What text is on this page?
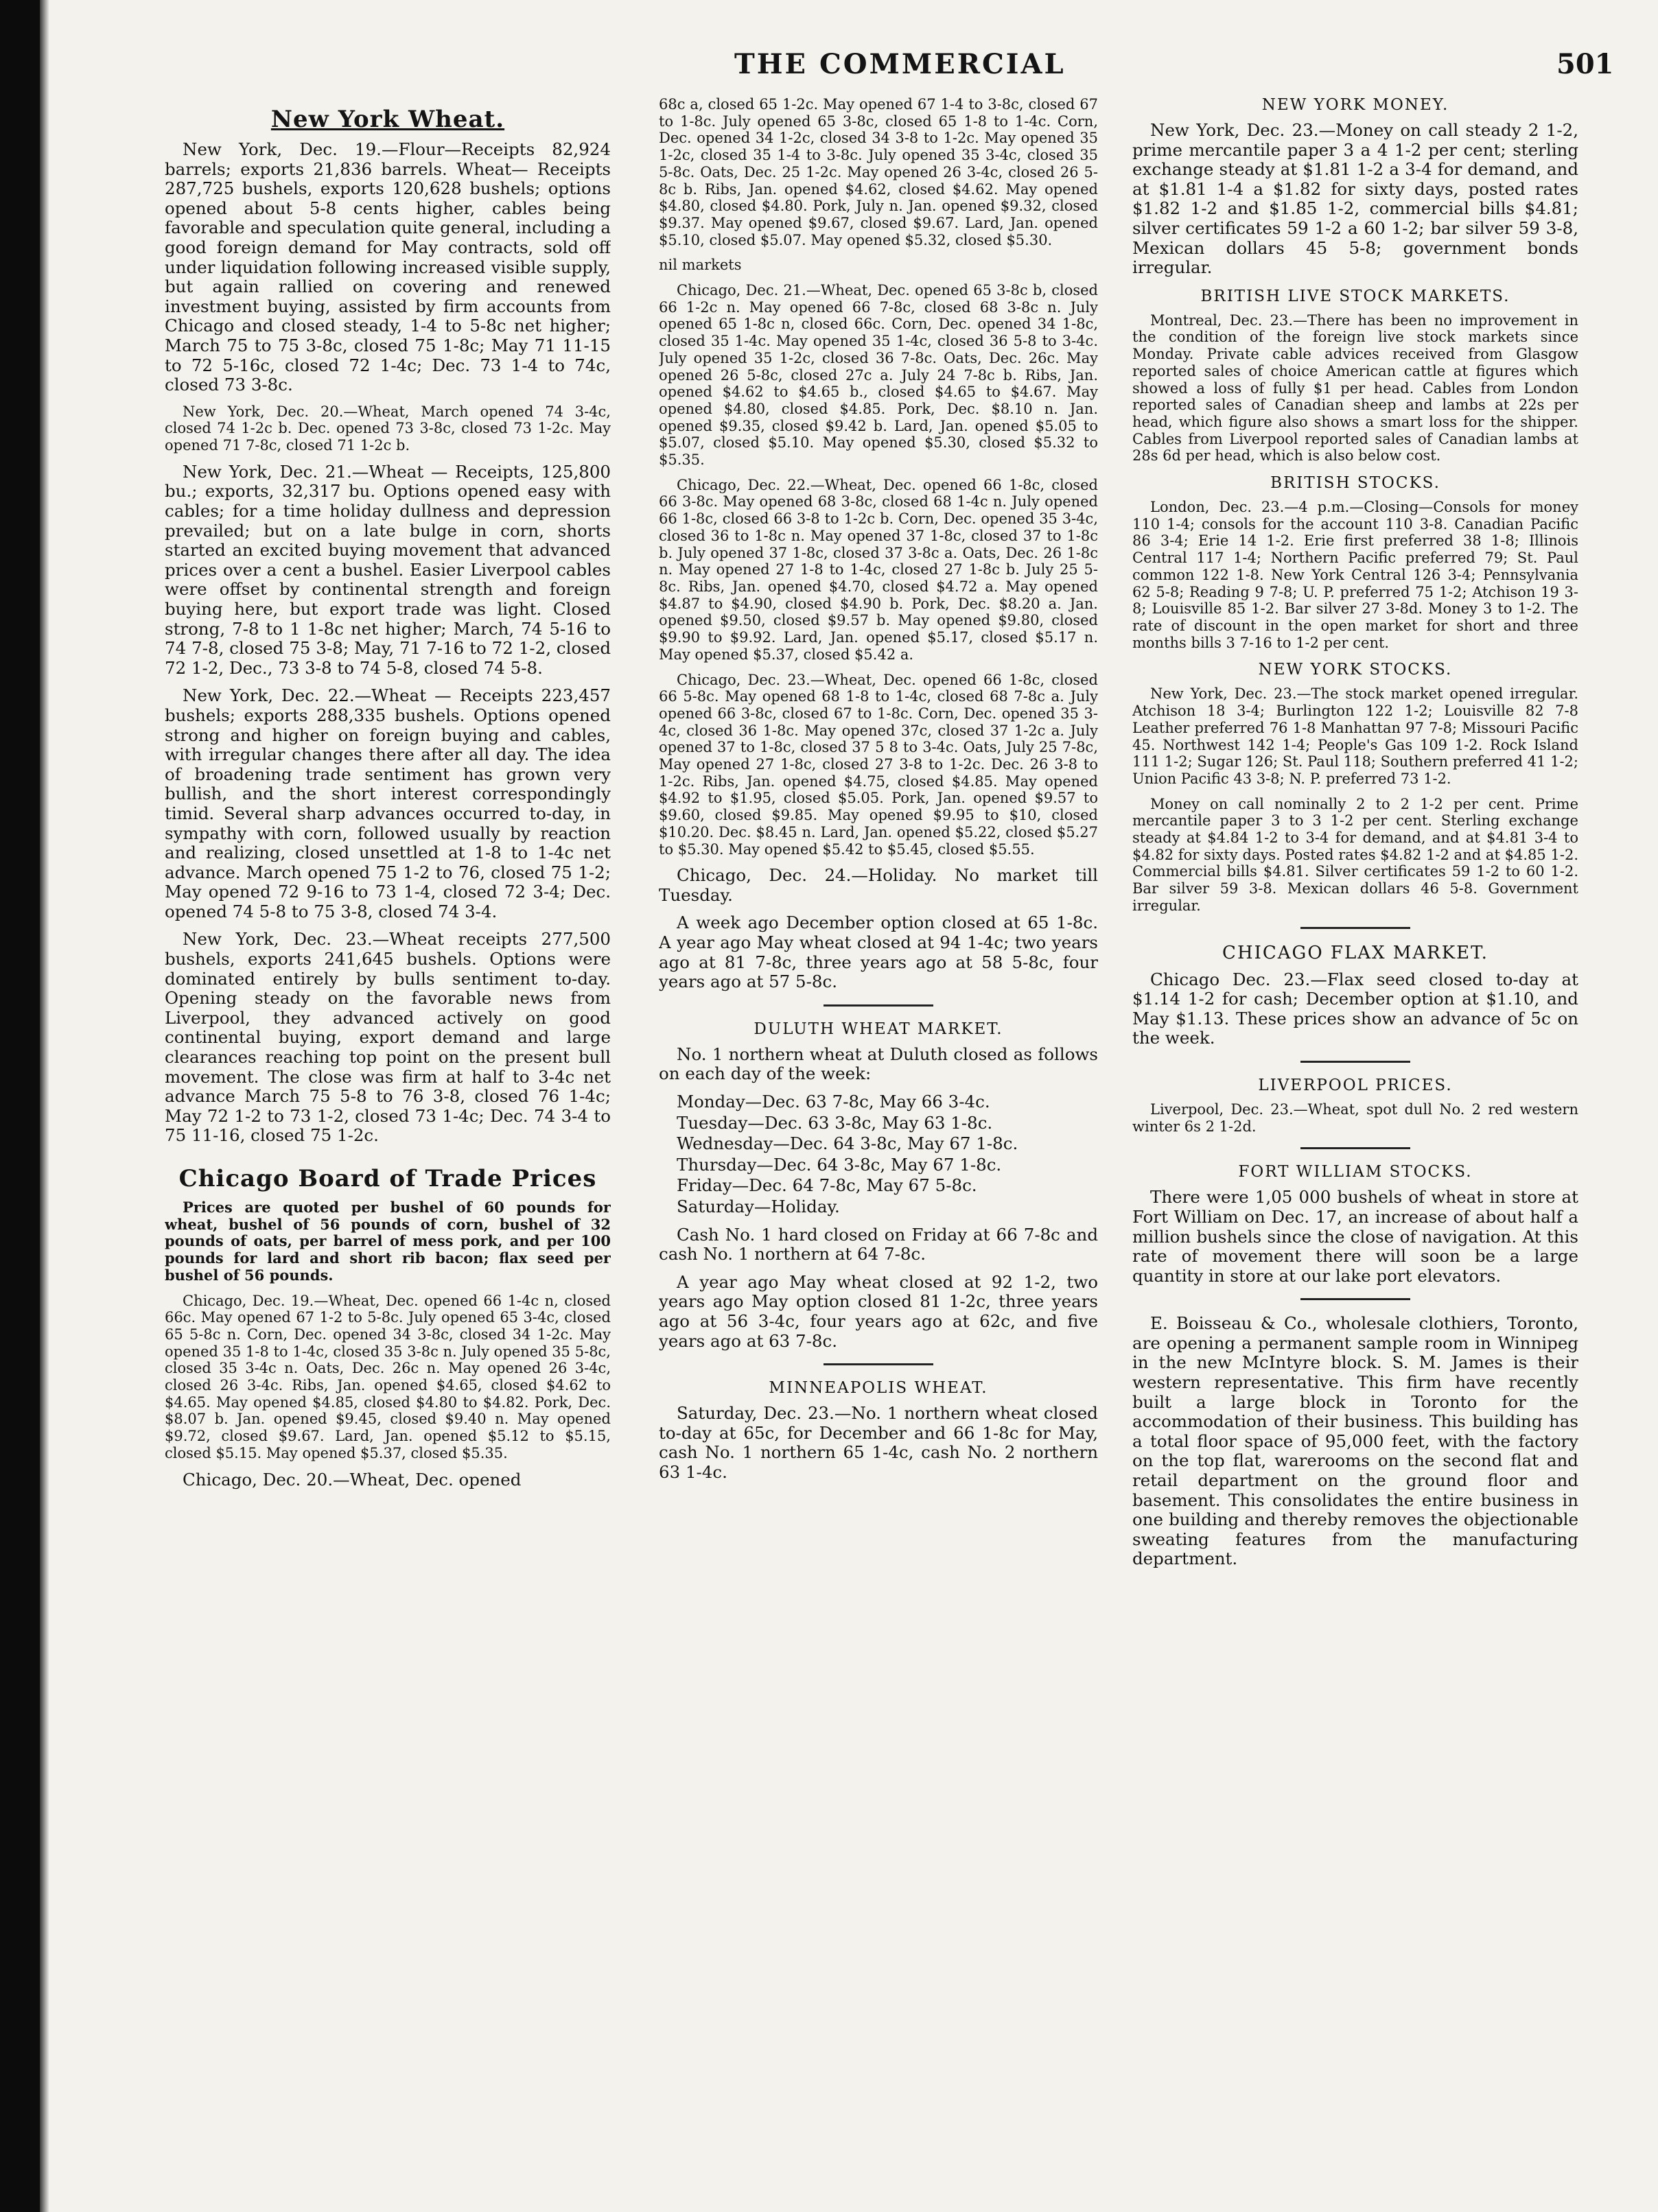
THE COMMERCIAL	501
New York Wheat.

New York, Dec. 19.—Flour—Receipts 82,924 barrels; exports 21,836 barrels. Wheat— Receipts 287,725 bushels, exports 120,628 bushels; options opened about 5-8 cents higher, cables being favorable and speculation quite general, including a good foreign demand for May contracts, sold off under liquidation following increased visible supply, but again rallied on covering and renewed investment buying, assisted by firm accounts from Chicago and closed steady, 1-4 to 5-8c net higher; March 75 to 75 3-8c, closed 75 1-8c; May 71 11-15 to 72 5-16c, closed 72 1-4c; Dec. 73 1-4 to 74c, closed 73 3-8c.

New York, Dec. 20.—Wheat, March opened 74 3-4c, closed 74 1-2c b. Dec. opened 73 3-8c, closed 73 1-2c. May opened 71 7-8c, closed 71 1-2c b.

New York, Dec. 21.—Wheat — Receipts, 125,800 bu.; exports, 32,317 bu. Options opened easy with cables; for a time holiday dullness and depression prevailed; but on a late bulge in corn, shorts started an excited buying movement that advanced prices over a cent a bushel. Easier Liverpool cables were offset by continental strength and foreign buying here, but export trade was light. Closed strong, 7-8 to 1 1-8c net higher; March, 74 5-16 to 74 7-8, closed 75 3-8; May, 71 7-16 to 72 1-2, closed 72 1-2, Dec., 73 3-8 to 74 5-8, closed 74 5-8.

New York, Dec. 22.—Wheat — Receipts 223,457 bushels; exports 288,335 bushels. Options opened strong and higher on foreign buying and cables, with irregular changes there after all day. The idea of broadening trade sentiment has grown very bullish, and the short interest correspondingly timid. Several sharp advances occurred to-day, in sympathy with corn, followed usually by reaction and realizing, closed unsettled at 1-8 to 1-4c net advance. March opened 75 1-2 to 76, closed 75 1-2; May opened 72 9-16 to 73 1-4, closed 72 3-4; Dec. opened 74 5-8 to 75 3-8, closed 74 3-4.

New York, Dec. 23.—Wheat receipts 277,500 bushels, exports 241,645 bushels. Options were dominated entirely by bulls sentiment to-day. Opening steady on the favorable news from Liverpool, they advanced actively on good continental buying, export demand and large clearances reaching top point on the present bull movement. The close was firm at half to 3-4c net advance March 75 5-8 to 76 3-8, closed 76 1-4c; May 72 1-2 to 73 1-2, closed 73 1-4c; Dec. 74 3-4 to 75 11-16, closed 75 1-2c.

Chicago Board of Trade Prices

Prices are quoted per bushel of 60 pounds for wheat, bushel of 56 pounds of corn, bushel of 32 pounds of oats, per barrel of mess pork, and per 100 pounds for lard and short rib bacon; flax seed per bushel of 56 pounds.

Chicago, Dec. 19.—Wheat, Dec. opened 66 1-4c n, closed 66c. May opened 67 1-2 to 5-8c. July opened 65 3-4c, closed 65 5-8c n. Corn, Dec. opened 34 3-8c, closed 34 1-2c. May opened 35 1-8 to 1-4c, closed 35 3-8c n. July opened 35 5-8c, closed 35 3-4c n. Oats, Dec. 26c n. May opened 26 3-4c, closed 26 3-4c. Ribs, Jan. opened $4.65, closed $4.62 to $4.65. May opened $4.85, closed $4.80 to $4.82. Pork, Dec. $8.07 b. Jan. opened $9.45, closed $9.40 n. May opened $9.72, closed $9.67. Lard, Jan. opened $5.12 to $5.15, closed $5.15. May opened $5.37, closed $5.35.

Chicago, Dec. 20.—Wheat, Dec. opened

68c a, closed 65 1-2c. May opened 67 1-4 to 3-8c, closed 67 to 1-8c. July opened 65 3-8c, closed 65 1-8 to 1-4c. Corn, Dec. opened 34 1-2c, closed 34 3-8 to 1-2c. May opened 35 1-2c, closed 35 1-4 to 3-8c. July opened 35 3-4c, closed 35 5-8c. Oats, Dec. 25 1-2c. May opened 26 3-4c, closed 26 5-8c b. Ribs, Jan. opened $4.62, closed $4.62. May opened $4.80, closed $4.80. Pork, July n. Jan. opened $9.32, closed $9.37. May opened $9.67, closed $9.67. Lard, Jan. opened $5.10, closed $5.07. May opened $5.32, closed $5.30.

nil markets

Chicago, Dec. 21.—Wheat, Dec. opened 65 3-8c b, closed 66 1-2c n. May opened 66 7-8c, closed 68 3-8c n. July opened 65 1-8c n, closed 66c. Corn, Dec. opened 34 1-8c, closed 35 1-4c. May opened 35 1-4c, closed 36 5-8 to 3-4c. July opened 35 1-2c, closed 36 7-8c. Oats, Dec. 26c. May opened 26 5-8c, closed 27c a. July 24 7-8c b. Ribs, Jan. opened $4.62 to $4.65 b., closed $4.65 to $4.67. May opened $4.80, closed $4.85. Pork, Dec. $8.10 n. Jan. opened $9.35, closed $9.42 b. Lard, Jan. opened $5.05 to $5.07, closed $5.10. May opened $5.30, closed $5.32 to $5.35.

Chicago, Dec. 22.—Wheat, Dec. opened 66 1-8c, closed 66 3-8c. May opened 68 3-8c, closed 68 1-4c n. July opened 66 1-8c, closed 66 3-8 to 1-2c b. Corn, Dec. opened 35 3-4c, closed 36 to 1-8c n. May opened 37 1-8c, closed 37 to 1-8c b. July opened 37 1-8c, closed 37 3-8c a. Oats, Dec. 26 1-8c n. May opened 27 1-8 to 1-4c, closed 27 1-8c b. July 25 5-8c. Ribs, Jan. opened $4.70, closed $4.72 a. May opened $4.87 to $4.90, closed $4.90 b. Pork, Dec. $8.20 a. Jan. opened $9.50, closed $9.57 b. May opened $9.80, closed $9.90 to $9.92. Lard, Jan. opened $5.17, closed $5.17 n. May opened $5.37, closed $5.42 a.

Chicago, Dec. 23.—Wheat, Dec. opened 66 1-8c, closed 66 5-8c. May opened 68 1-8 to 1-4c, closed 68 7-8c a. July opened 66 3-8c, closed 67 to 1-8c. Corn, Dec. opened 35 3-4c, closed 36 1-8c. May opened 37c, closed 37 1-2c a. July opened 37 to 1-8c, closed 37 5 8 to 3-4c. Oats, July 25 7-8c, May opened 27 1-8c, closed 27 3-8 to 1-2c. Dec. 26 3-8 to 1-2c. Ribs, Jan. opened $4.75, closed $4.85. May opened $4.92 to $1.95, closed $5.05. Pork, Jan. opened $9.57 to $9.60, closed $9.85. May opened $9.95 to $10, closed $10.20. Dec. $8.45 n. Lard, Jan. opened $5.22, closed $5.27 to $5.30. May opened $5.42 to $5.45, closed $5.55.

Chicago, Dec. 24.—Holiday. No market till Tuesday.

A week ago December option closed at 65 1-8c. A year ago May wheat closed at 94 1-4c; two years ago at 81 7-8c, three years ago at 58 5-8c, four years ago at 57 5-8c.

DULUTH WHEAT MARKET.

No. 1 northern wheat at Duluth closed as follows on each day of the week:

Monday—Dec. 63 7-8c, May 66 3-4c.

Tuesday—Dec. 63 3-8c, May 63 1-8c.

Wednesday—Dec. 64 3-8c, May 67 1-8c.

Thursday—Dec. 64 3-8c, May 67 1-8c.

Friday—Dec. 64 7-8c, May 67 5-8c.

Saturday—Holiday.

Cash No. 1 hard closed on Friday at 66 7-8c and cash No. 1 northern at 64 7-8c.

A year ago May wheat closed at 92 1-2, two years ago May option closed 81 1-2c, three years ago at 56 3-4c, four years ago at 62c, and five years ago at 63 7-8c.

MINNEAPOLIS WHEAT.

Saturday, Dec. 23.—No. 1 northern wheat closed to-day at 65c, for December and 66 1-8c for May, cash No. 1 northern 65 1-4c, cash No. 2 northern 63 1-4c.

NEW YORK MONEY.

New York, Dec. 23.—Money on call steady 2 1-2, prime mercantile paper 3 a 4 1-2 per cent; sterling exchange steady at $1.81 1-2 a 3-4 for demand, and at $1.81 1-4 a $1.82 for sixty days, posted rates $1.82 1-2 and $1.85 1-2, commercial bills $4.81; silver certificates 59 1-2 a 60 1-2; bar silver 59 3-8, Mexican dollars 45 5-8; government bonds irregular.

BRITISH LIVE STOCK MARKETS.

Montreal, Dec. 23.—There has been no improvement in the condition of the foreign live stock markets since Monday. Private cable advices received from Glasgow reported sales of choice American cattle at figures which showed a loss of fully $1 per head. Cables from London reported sales of Canadian sheep and lambs at 22s per head, which figure also shows a smart loss for the shipper. Cables from Liverpool reported sales of Canadian lambs at 28s 6d per head, which is also below cost.

BRITISH STOCKS.

London, Dec. 23.—4 p.m.—Closing—Consols for money 110 1-4; consols for the account 110 3-8. Canadian Pacific 86 3-4; Erie 14 1-2. Erie first preferred 38 1-8; Illinois Central 117 1-4; Northern Pacific preferred 79; St. Paul common 122 1-8. New York Central 126 3-4; Pennsylvania 62 5-8; Reading 9 7-8; U. P. preferred 75 1-2; Atchison 19 3-8; Louisville 85 1-2. Bar silver 27 3-8d. Money 3 to 1-2. The rate of discount in the open market for short and three months bills 3 7-16 to 1-2 per cent.

NEW YORK STOCKS.

New York, Dec. 23.—The stock market opened irregular. Atchison 18 3-4; Burlington 122 1-2; Louisville 82 7-8 Leather preferred 76 1-8 Manhattan 97 7-8; Missouri Pacific 45. Northwest 142 1-4; People's Gas 109 1-2. Rock Island 111 1-2; Sugar 126; St. Paul 118; Southern preferred 41 1-2; Union Pacific 43 3-8; N. P. preferred 73 1-2.

Money on call nominally 2 to 2 1-2 per cent. Prime mercantile paper 3 to 3 1-2 per cent. Sterling exchange steady at $4.84 1-2 to 3-4 for demand, and at $4.81 3-4 to $4.82 for sixty days. Posted rates $4.82 1-2 and at $4.85 1-2. Commercial bills $4.81. Silver certificates 59 1-2 to 60 1-2. Bar silver 59 3-8. Mexican dollars 46 5-8. Government irregular.

CHICAGO FLAX MARKET.

Chicago Dec. 23.—Flax seed closed to-day at $1.14 1-2 for cash; December option at $1.10, and May $1.13. These prices show an advance of 5c on the week.

LIVERPOOL PRICES.

Liverpool, Dec. 23.—Wheat, spot dull No. 2 red western winter 6s 2 1-2d.

FORT WILLIAM STOCKS.

There were 1,05 000 bushels of wheat in store at Fort William on Dec. 17, an increase of about half a million bushels since the close of navigation. At this rate of movement there will soon be a large quantity in store at our lake port elevators.

E. Boisseau & Co., wholesale clothiers, Toronto, are opening a permanent sample room in Winnipeg in the new McIntyre block. S. M. James is their western representative. This firm have recently built a large block in Toronto for the accommodation of their business. This building has a total floor space of 95,000 feet, with the factory on the top flat, warerooms on the second flat and retail department on the ground floor and basement. This consolidates the entire business in one building and thereby removes the objectionable sweating features from the manufacturing department.
